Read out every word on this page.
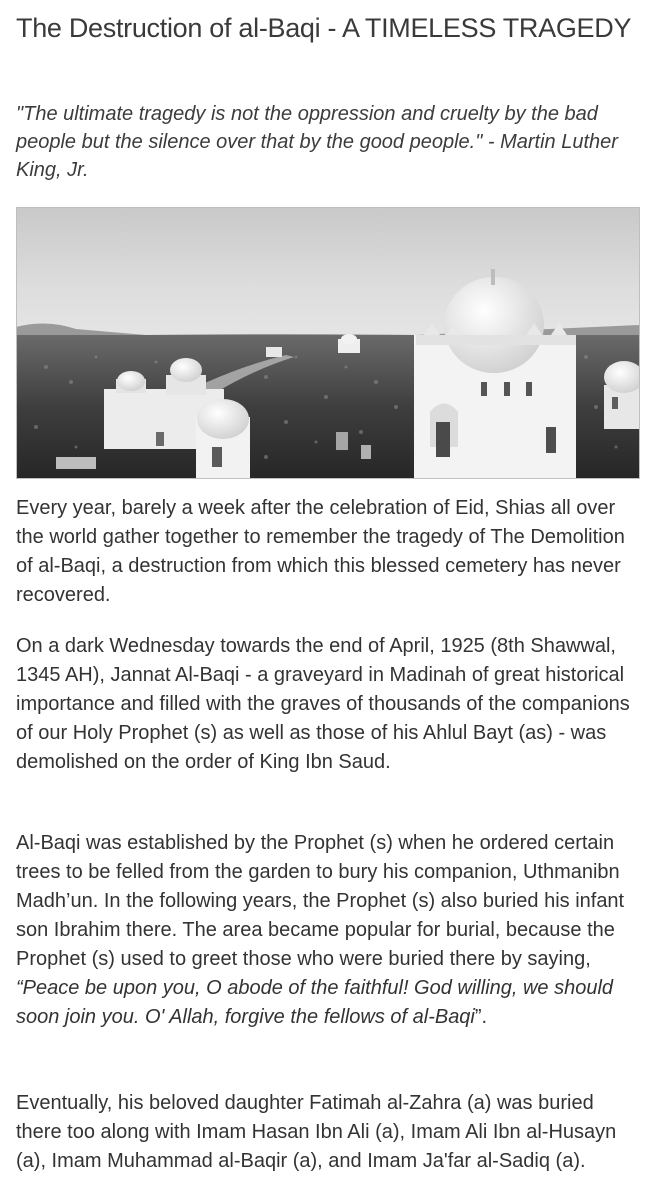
The Destruction of al-Baqi - A TIMELESS TRAGEDY

"The ultimate tragedy is not the oppression and cruelty by the bad people but the silence over that by the good people." - Martin Luther King, Jr.

Every year, barely a week after the celebration of Eid, Shias all over the world gather together to remember the tragedy of The Demolition of al-Baqi, a destruction from which this blessed cemetery has never recovered.

On a dark Wednesday towards the end of April, 1925 (8th Shawwal, 1345 AH), Jannat Al-Baqi - a graveyard in Madinah of great historical importance and filled with the graves of thousands of the companions of our Holy Prophet (s) as well as those of his Ahlul Bayt (as) - was demolished on the order of King Ibn Saud.

Al-Baqi was established by the Prophet (s) when he ordered certain trees to be felled from the garden to bury his companion, Uthmanibn Madh’un. In the following years, the Prophet (s) also buried his infant son Ibrahim there. The area became popular for burial, because the Prophet (s) used to greet those who were buried there by saying, “Peace be upon you, O abode of the faithful! God willing, we should soon join you. O' Allah, forgive the fellows of al-Baqi”.

Eventually, his beloved daughter Fatimah al-Zahra (a) was buried there too along with Imam Hasan Ibn Ali (a), Imam Ali Ibn al-Husayn (a), Imam Muhammad al-Baqir (a), and Imam Ja'far al-Sadiq (a).
